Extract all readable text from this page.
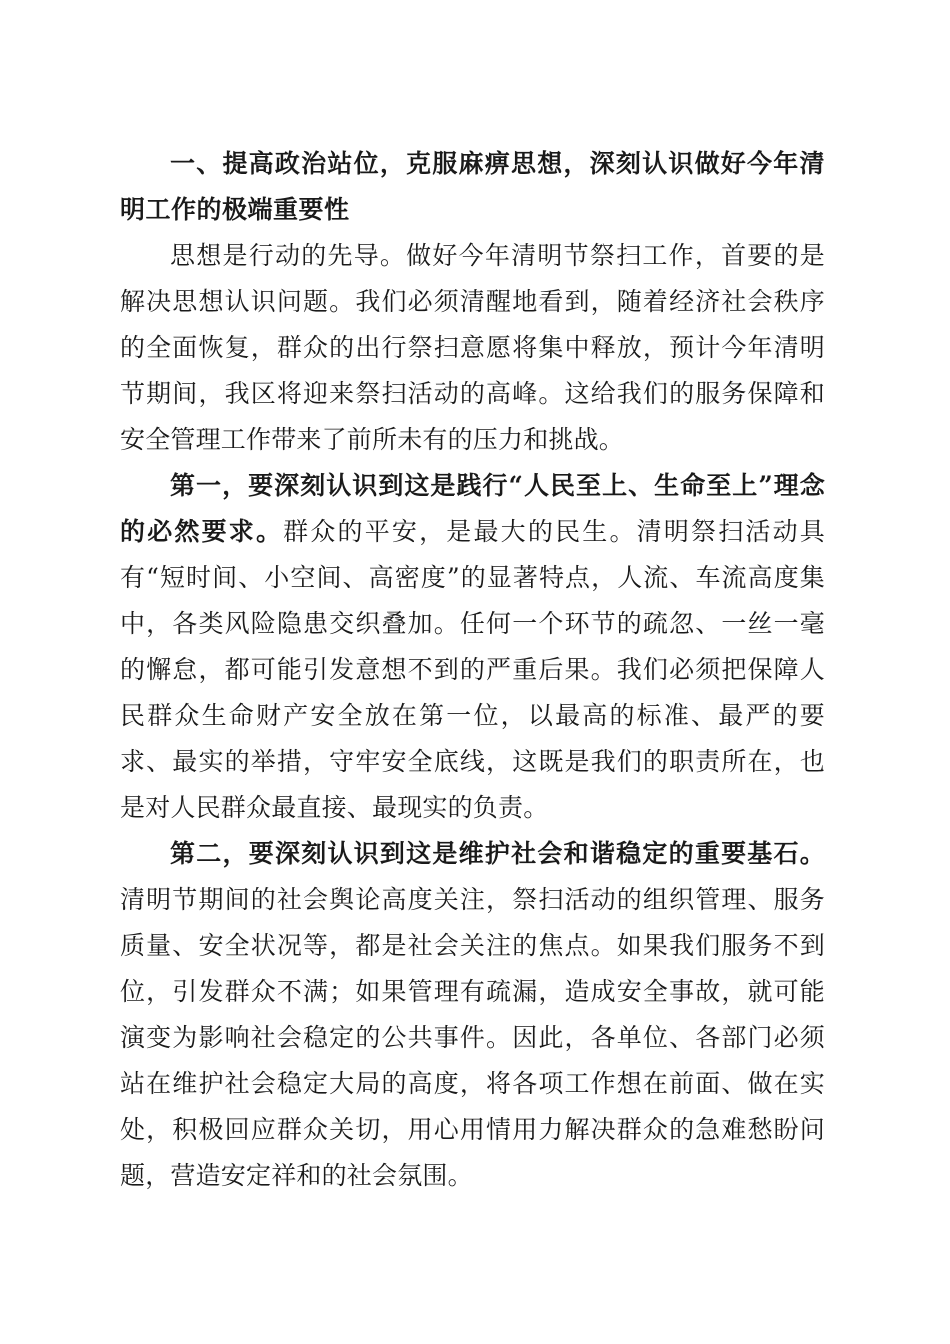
一、提高政治站位，克服麻痹思想，深刻认识做好今年清明工作的极端重要性

思想是行动的先导。做好今年清明节祭扫工作，首要的是解决思想认识问题。我们必须清醒地看到，随着经济社会秩序的全面恢复，群众的出行祭扫意愿将集中释放，预计今年清明节期间，我区将迎来祭扫活动的高峰。这给我们的服务保障和安全管理工作带来了前所未有的压力和挑战。

第一，要深刻认识到这是践行“人民至上、生命至上”理念的必然要求。群众的平安，是最大的民生。清明祭扫活动具有“短时间、小空间、高密度”的显著特点，人流、车流高度集中，各类风险隐患交织叠加。任何一个环节的疏忽、一丝一毫的懈怠，都可能引发意想不到的严重后果。我们必须把保障人民群众生命财产安全放在第一位，以最高的标准、最严的要求、最实的举措，守牢安全底线，这既是我们的职责所在，也是对人民群众最直接、最现实的负责。

第二，要深刻认识到这是维护社会和谐稳定的重要基石。清明节期间的社会舆论高度关注，祭扫活动的组织管理、服务质量、安全状况等，都是社会关注的焦点。如果我们服务不到位，引发群众不满；如果管理有疏漏，造成安全事故，就可能演变为影响社会稳定的公共事件。因此，各单位、各部门必须站在维护社会稳定大局的高度，将各项工作想在前面、做在实处，积极回应群众关切，用心用情用力解决群众的急难愁盼问题，营造安定祥和的社会氛围。
